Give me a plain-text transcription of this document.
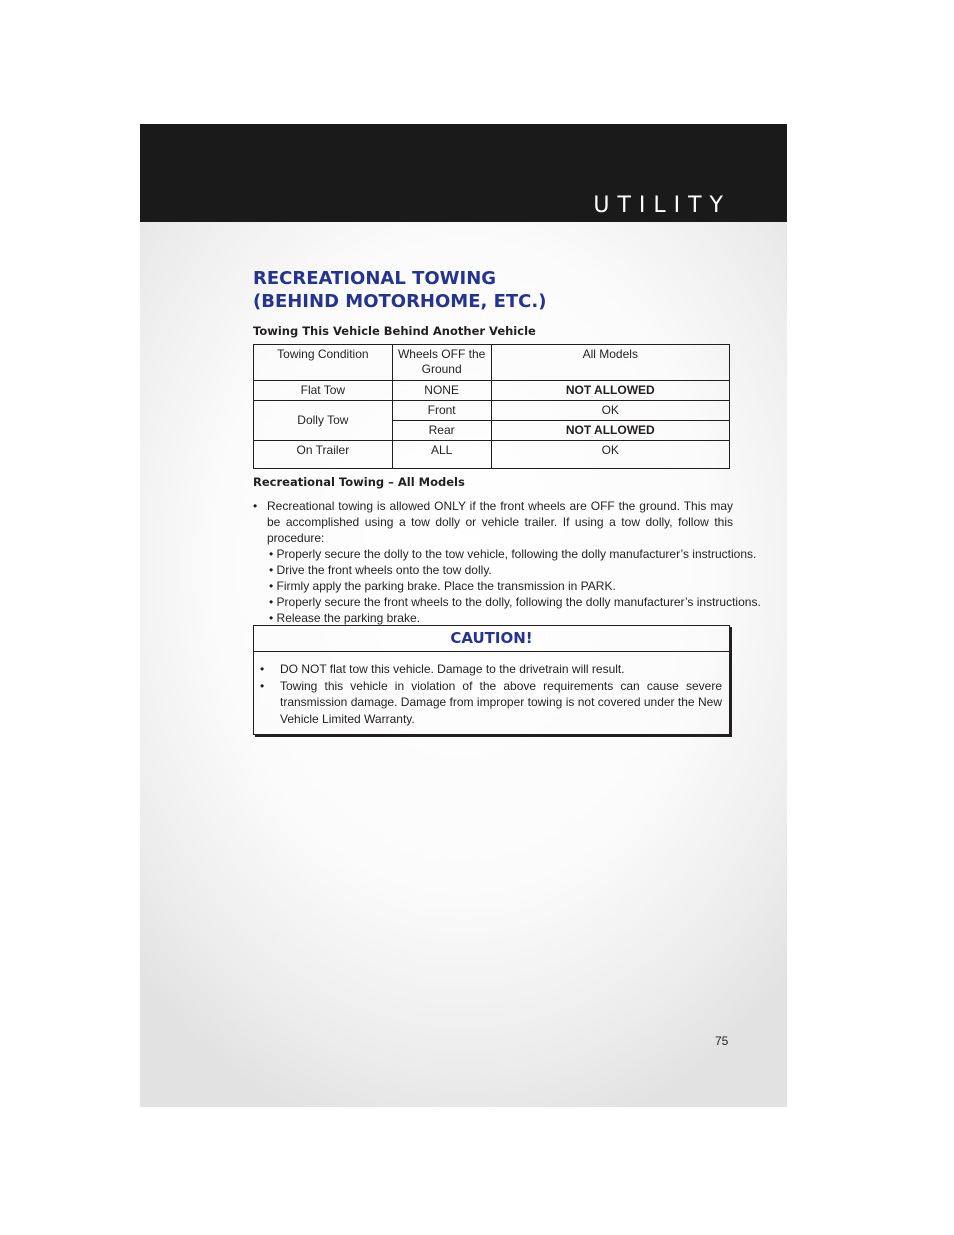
UTILITY
RECREATIONAL TOWING
(BEHIND MOTORHOME, ETC.)
Towing This Vehicle Behind Another Vehicle
Towing Condition	Wheels OFF the Ground	All Models
Flat Tow	NONE	NOT ALLOWED
Dolly Tow	Front	OK
	Rear	NOT ALLOWED
On Trailer	ALL	OK
Recreational Towing – All Models
• Recreational towing is allowed ONLY if the front wheels are OFF the ground. This may be accomplished using a tow dolly or vehicle trailer. If using a tow dolly, follow this procedure:
• Properly secure the dolly to the tow vehicle, following the dolly manufacturer’s instructions.
• Drive the front wheels onto the tow dolly.
• Firmly apply the parking brake. Place the transmission in PARK.
• Properly secure the front wheels to the dolly, following the dolly manufacturer’s instructions.
• Release the parking brake.
CAUTION!
• DO NOT flat tow this vehicle. Damage to the drivetrain will result.
• Towing this vehicle in violation of the above requirements can cause severe transmission damage. Damage from improper towing is not covered under the New Vehicle Limited Warranty.
75
